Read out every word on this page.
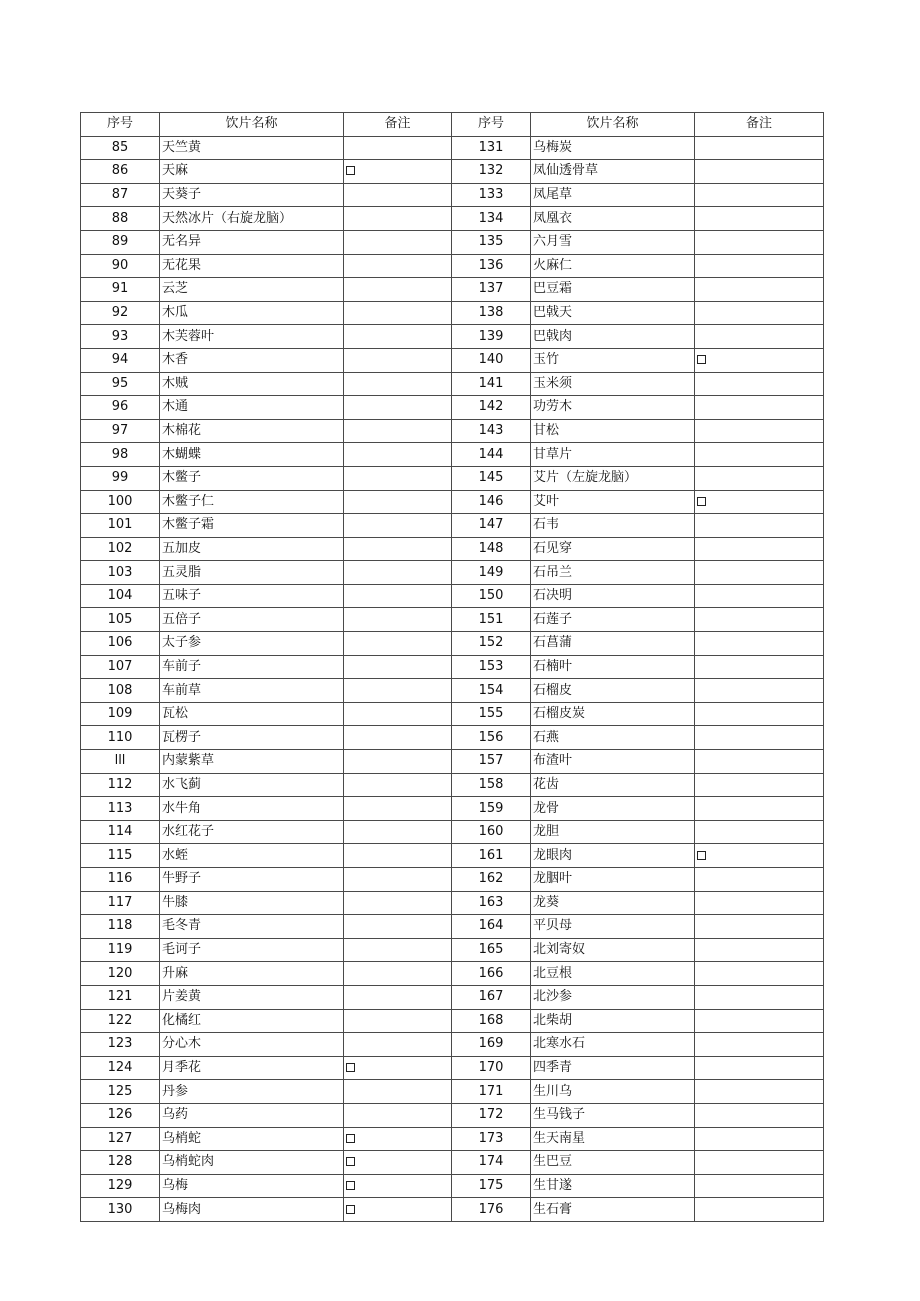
序号	饮片名称	备注	序号	饮片名称	备注
85	天竺黄		131	乌梅炭	
86	天麻		132	凤仙透骨草	
87	天葵子		133	凤尾草	
88	天然冰片（右旋龙脑）		134	凤凰衣	
89	无名异		135	六月雪	
90	无花果		136	火麻仁	
91	云芝		137	巴豆霜	
92	木瓜		138	巴戟天	
93	木芙蓉叶		139	巴戟肉	
94	木香		140	玉竹	
95	木贼		141	玉米须	
96	木通		142	功劳木	
97	木棉花		143	甘松	
98	木蝴蝶		144	甘草片	
99	木鳖子		145	艾片（左旋龙脑）	
100	木鳖子仁		146	艾叶	
101	木鳖子霜		147	石韦	
102	五加皮		148	石见穿	
103	五灵脂		149	石吊兰	
104	五味子		150	石决明	
105	五倍子		151	石莲子	
106	太子参		152	石菖蒲	
107	车前子		153	石楠叶	
108	车前草		154	石榴皮	
109	瓦松		155	石榴皮炭	
110	瓦楞子		156	石燕	
lll	内蒙紫草		157	布渣叶	
112	水飞蓟		158	花齿	
113	水牛角		159	龙骨	
114	水红花子		160	龙胆	
115	水蛭		161	龙眼肉	
116	牛野子		162	龙胭叶	
117	牛膝		163	龙葵	
118	毛冬青		164	平贝母	
119	毛诃子		165	北刘寄奴	
120	升麻		166	北豆根	
121	片姜黄		167	北沙参	
122	化橘红		168	北柴胡	
123	分心木		169	北寒水石	
124	月季花		170	四季青	
125	丹参		171	生川乌	
126	乌药		172	生马钱子	
127	乌梢蛇		173	生天南星	
128	乌梢蛇肉		174	生巴豆	
129	乌梅		175	生甘遂	
130	乌梅肉		176	生石膏	
